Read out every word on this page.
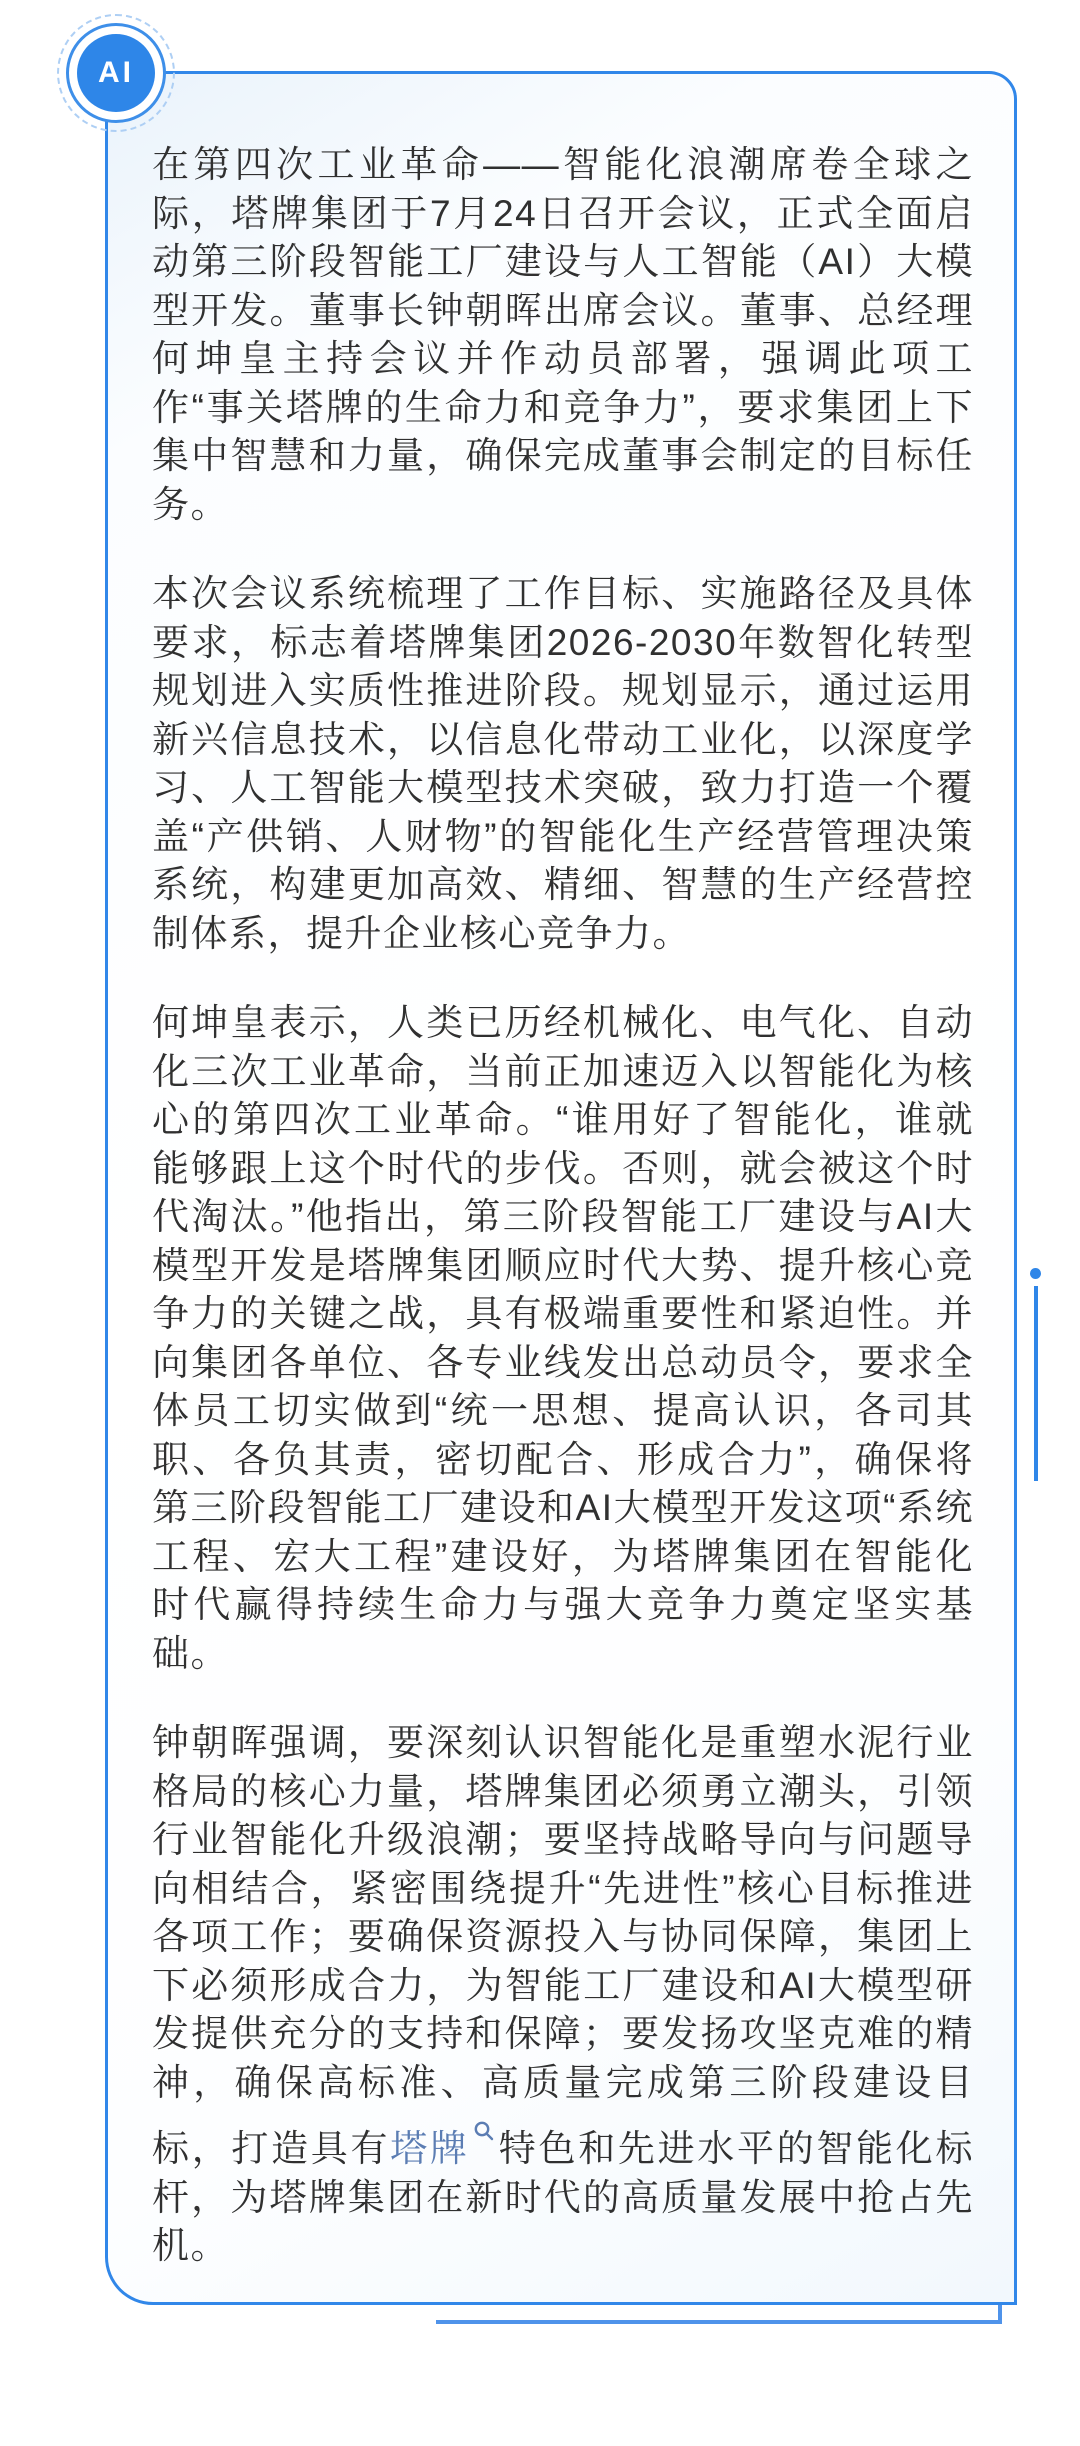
在第四次工业革命——智能化浪潮席卷全球之际，塔牌集团于7月24日召开会议，正式全面启动第三阶段智能工厂建设与人工智能（AI）大模型开发。董事长钟朝晖出席会议。董事、总经理何坤皇主持会议并作动员部署，强调此项工作“事关塔牌的生命力和竞争力”，要求集团上下集中智慧和力量，确保完成董事会制定的目标任务。

本次会议系统梳理了工作目标、实施路径及具体要求，标志着塔牌集团2026-2030年数智化转型规划进入实质性推进阶段。规划显示，通过运用新兴信息技术，以信息化带动工业化，以深度学习、人工智能大模型技术突破，致力打造一个覆盖“产供销、人财物”的智能化生产经营管理决策系统，构建更加高效、精细、智慧的生产经营控制体系，提升企业核心竞争力。

何坤皇表示，人类已历经机械化、电气化、自动化三次工业革命，当前正加速迈入以智能化为核心的第四次工业革命。“谁用好了智能化，谁就能够跟上这个时代的步伐。否则，就会被这个时代淘汰。”他指出，第三阶段智能工厂建设与AI大模型开发是塔牌集团顺应时代大势、提升核心竞争力的关键之战，具有极端重要性和紧迫性。并向集团各单位、各专业线发出总动员令，要求全体员工切实做到“统一思想、提高认识，各司其职、各负其责，密切配合、形成合力”，确保将第三阶段智能工厂建设和AI大模型开发这项“系统工程、宏大工程”建设好，为塔牌集团在智能化时代赢得持续生命力与强大竞争力奠定坚实基础。

钟朝晖强调，要深刻认识智能化是重塑水泥行业格局的核心力量，塔牌集团必须勇立潮头，引领行业智能化升级浪潮；要坚持战略导向与问题导向相结合，紧密围绕提升“先进性”核心目标推进各项工作；要确保资源投入与协同保障，集团上下必须形成合力，为智能工厂建设和AI大模型研发提供充分的支持和保障；要发扬攻坚克难的精神，确保高标准、高质量完成第三阶段建设目标，打造具有塔牌 特色和先进水平的智能化标杆，为塔牌集团在新时代的高质量发展中抢占先机。

AI
